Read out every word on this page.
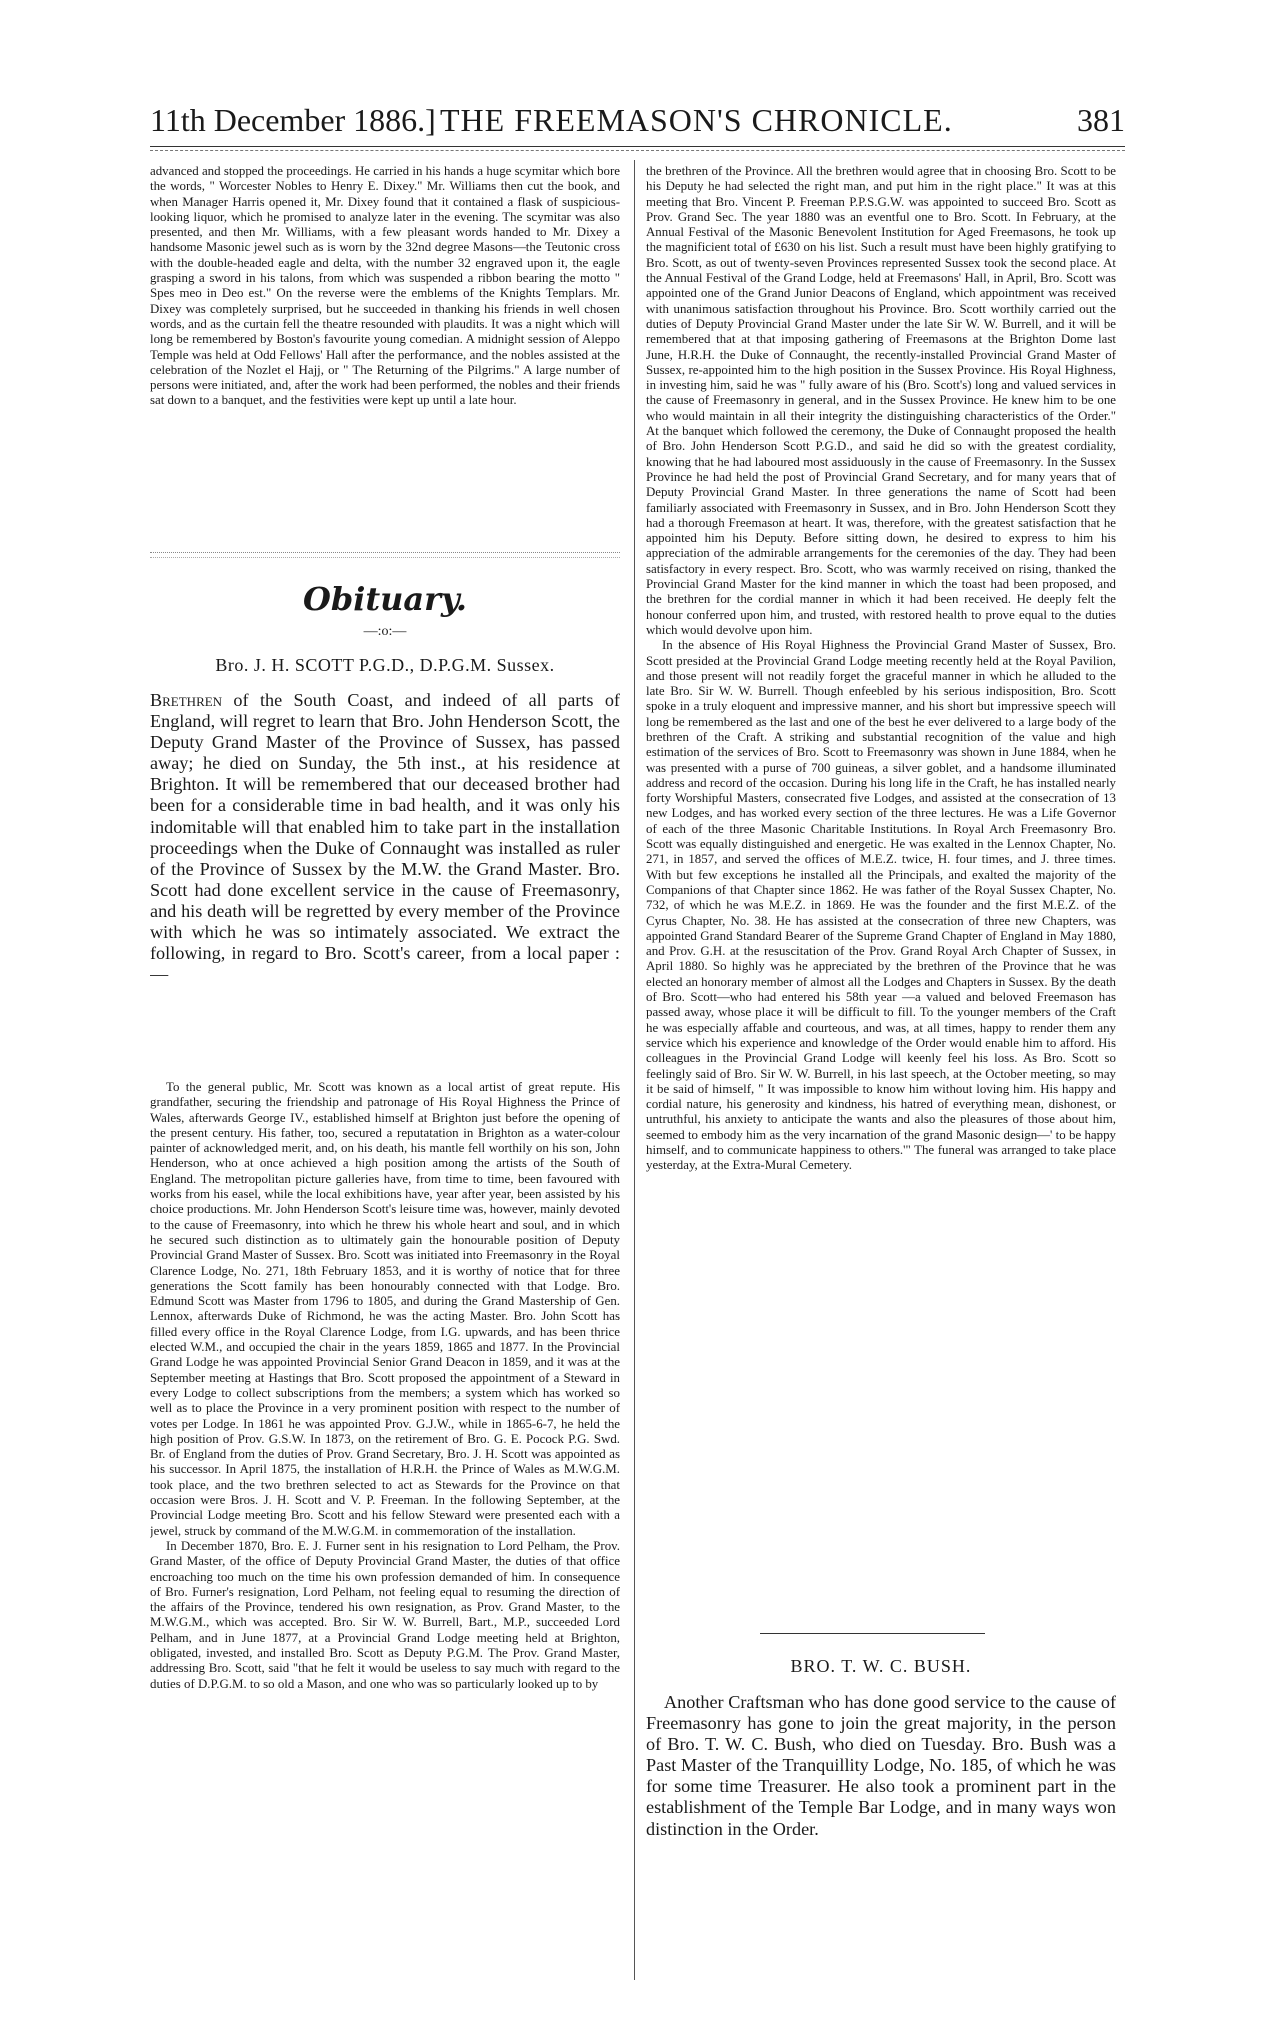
11th December 1886.] THE FREEMASON'S CHRONICLE.	381

advanced and stopped the proceedings. He carried in his hands a huge scymitar which bore the words, " Worcester Nobles to Henry E. Dixey." Mr. Williams then cut the book, and when Manager Harris opened it, Mr. Dixey found that it contained a flask of suspicious-looking liquor, which he promised to analyze later in the evening. The scymitar was also presented, and then Mr. Williams, with a few pleasant words handed to Mr. Dixey a handsome Masonic jewel such as is worn by the 32nd degree Masons—the Teutonic cross with the double-headed eagle and delta, with the number 32 engraved upon it, the eagle grasping a sword in his talons, from which was suspended a ribbon bearing the motto " Spes meo in Deo est." On the reverse were the emblems of the Knights Templars. Mr. Dixey was completely surprised, but he succeeded in thanking his friends in well chosen words, and as the curtain fell the theatre resounded with plaudits. It was a night which will long be remembered by Boston's favourite young comedian. A midnight session of Aleppo Temple was held at Odd Fellows' Hall after the performance, and the nobles assisted at the celebration of the Nozlet el Hajj, or " The Returning of the Pilgrims." A large number of persons were initiated, and, after the work had been performed, the nobles and their friends sat down to a banquet, and the festivities were kept up until a late hour.

Obituary.
—:o:—
Bro. J. H. SCOTT P.G.D., D.P.G.M. Sussex.

Brethren of the South Coast, and indeed of all parts of England, will regret to learn that Bro. John Henderson Scott, the Deputy Grand Master of the Province of Sussex, has passed away; he died on Sunday, the 5th inst., at his residence at Brighton. It will be remembered that our deceased brother had been for a considerable time in bad health, and it was only his indomitable will that enabled him to take part in the installation proceedings when the Duke of Connaught was installed as ruler of the Province of Sussex by the M.W. the Grand Master. Bro. Scott had done excellent service in the cause of Freemasonry, and his death will be regretted by every member of the Province with which he was so intimately associated. We extract the following, in regard to Bro. Scott's career, from a local paper :—

To the general public, Mr. Scott was known as a local artist of great repute. His grandfather, securing the friendship and patronage of His Royal Highness the Prince of Wales, afterwards George IV., established himself at Brighton just before the opening of the present century. His father, too, secured a reputatation in Brighton as a water-colour painter of acknowledged merit, and, on his death, his mantle fell worthily on his son, John Henderson, who at once achieved a high position among the artists of the South of England. The metropolitan picture galleries have, from time to time, been favoured with works from his easel, while the local exhibitions have, year after year, been assisted by his choice productions. Mr. John Henderson Scott's leisure time was, however, mainly devoted to the cause of Freemasonry, into which he threw his whole heart and soul, and in which he secured such distinction as to ultimately gain the honourable position of Deputy Provincial Grand Master of Sussex. Bro. Scott was initiated into Freemasonry in the Royal Clarence Lodge, No. 271, 18th February 1853, and it is worthy of notice that for three generations the Scott family has been honourably connected with that Lodge. Bro. Edmund Scott was Master from 1796 to 1805, and during the Grand Mastership of Gen. Lennox, afterwards Duke of Richmond, he was the acting Master. Bro. John Scott has filled every office in the Royal Clarence Lodge, from I.G. upwards, and has been thrice elected W.M., and occupied the chair in the years 1859, 1865 and 1877. In the Provincial Grand Lodge he was appointed Provincial Senior Grand Deacon in 1859, and it was at the September meeting at Hastings that Bro. Scott proposed the appointment of a Steward in every Lodge to collect subscriptions from the members; a system which has worked so well as to place the Province in a very prominent position with respect to the number of votes per Lodge. In 1861 he was appointed Prov. G.J.W., while in 1865-6-7, he held the high position of Prov. G.S.W. In 1873, on the retirement of Bro. G. E. Pocock P.G. Swd. Br. of England from the duties of Prov. Grand Secretary, Bro. J. H. Scott was appointed as his successor. In April 1875, the installation of H.R.H. the Prince of Wales as M.W.G.M. took place, and the two brethren selected to act as Stewards for the Province on that occasion were Bros. J. H. Scott and V. P. Freeman. In the following September, at the Provincial Lodge meeting Bro. Scott and his fellow Steward were presented each with a jewel, struck by command of the M.W.G.M. in commemoration of the installation.

In December 1870, Bro. E. J. Furner sent in his resignation to Lord Pelham, the Prov. Grand Master, of the office of Deputy Provincial Grand Master, the duties of that office encroaching too much on the time his own profession demanded of him. In consequence of Bro. Furner's resignation, Lord Pelham, not feeling equal to resuming the direction of the affairs of the Province, tendered his own resignation, as Prov. Grand Master, to the M.W.G.M., which was accepted. Bro. Sir W. W. Burrell, Bart., M.P., succeeded Lord Pelham, and in June 1877, at a Provincial Grand Lodge meeting held at Brighton, obligated, invested, and installed Bro. Scott as Deputy P.G.M. The Prov. Grand Master, addressing Bro. Scott, said "that he felt it would be useless to say much with regard to the duties of D.P.G.M. to so old a Mason, and one who was so particularly looked up to by

the brethren of the Province. All the brethren would agree that in choosing Bro. Scott to be his Deputy he had selected the right man, and put him in the right place." It was at this meeting that Bro. Vincent P. Freeman P.P.S.G.W. was appointed to succeed Bro. Scott as Prov. Grand Sec. The year 1880 was an eventful one to Bro. Scott. In February, at the Annual Festival of the Masonic Benevolent Institution for Aged Freemasons, he took up the magnificient total of £630 on his list. Such a result must have been highly gratifying to Bro. Scott, as out of twenty-seven Provinces represented Sussex took the second place. At the Annual Festival of the Grand Lodge, held at Freemasons' Hall, in April, Bro. Scott was appointed one of the Grand Junior Deacons of England, which appointment was received with unanimous satisfaction throughout his Province. Bro. Scott worthily carried out the duties of Deputy Provincial Grand Master under the late Sir W. W. Burrell, and it will be remembered that at that imposing gathering of Freemasons at the Brighton Dome last June, H.R.H. the Duke of Connaught, the recently-installed Provincial Grand Master of Sussex, re-appointed him to the high position in the Sussex Province. His Royal Highness, in investing him, said he was " fully aware of his (Bro. Scott's) long and valued services in the cause of Freemasonry in general, and in the Sussex Province. He knew him to be one who would maintain in all their integrity the distinguishing characteristics of the Order." At the banquet which followed the ceremony, the Duke of Connaught proposed the health of Bro. John Henderson Scott P.G.D., and said he did so with the greatest cordiality, knowing that he had laboured most assiduously in the cause of Freemasonry. In the Sussex Province he had held the post of Provincial Grand Secretary, and for many years that of Deputy Provincial Grand Master. In three generations the name of Scott had been familiarly associated with Freemasonry in Sussex, and in Bro. John Henderson Scott they had a thorough Freemason at heart. It was, therefore, with the greatest satisfaction that he appointed him his Deputy. Before sitting down, he desired to express to him his appreciation of the admirable arrangements for the ceremonies of the day. They had been satisfactory in every respect. Bro. Scott, who was warmly received on rising, thanked the Provincial Grand Master for the kind manner in which the toast had been proposed, and the brethren for the cordial manner in which it had been received. He deeply felt the honour conferred upon him, and trusted, with restored health to prove equal to the duties which would devolve upon him.

In the absence of His Royal Highness the Provincial Grand Master of Sussex, Bro. Scott presided at the Provincial Grand Lodge meeting recently held at the Royal Pavilion, and those present will not readily forget the graceful manner in which he alluded to the late Bro. Sir W. W. Burrell. Though enfeebled by his serious indisposition, Bro. Scott spoke in a truly eloquent and impressive manner, and his short but impressive speech will long be remembered as the last and one of the best he ever delivered to a large body of the brethren of the Craft. A striking and substantial recognition of the value and high estimation of the services of Bro. Scott to Freemasonry was shown in June 1884, when he was presented with a purse of 700 guineas, a silver goblet, and a handsome illuminated address and record of the occasion. During his long life in the Craft, he has installed nearly forty Worshipful Masters, consecrated five Lodges, and assisted at the consecration of 13 new Lodges, and has worked every section of the three lectures. He was a Life Governor of each of the three Masonic Charitable Institutions. In Royal Arch Freemasonry Bro. Scott was equally distinguished and energetic. He was exalted in the Lennox Chapter, No. 271, in 1857, and served the offices of M.E.Z. twice, H. four times, and J. three times. With but few exceptions he installed all the Principals, and exalted the majority of the Companions of that Chapter since 1862. He was father of the Royal Sussex Chapter, No. 732, of which he was M.E.Z. in 1869. He was the founder and the first M.E.Z. of the Cyrus Chapter, No. 38. He has assisted at the consecration of three new Chapters, was appointed Grand Standard Bearer of the Supreme Grand Chapter of England in May 1880, and Prov. G.H. at the resuscitation of the Prov. Grand Royal Arch Chapter of Sussex, in April 1880. So highly was he appreciated by the brethren of the Province that he was elected an honorary member of almost all the Lodges and Chapters in Sussex. By the death of Bro. Scott—who had entered his 58th year —a valued and beloved Freemason has passed away, whose place it will be difficult to fill. To the younger members of the Craft he was especially affable and courteous, and was, at all times, happy to render them any service which his experience and knowledge of the Order would enable him to afford. His colleagues in the Provincial Grand Lodge will keenly feel his loss. As Bro. Scott so feelingly said of Bro. Sir W. W. Burrell, in his last speech, at the October meeting, so may it be said of himself, " It was impossible to know him without loving him. His happy and cordial nature, his generosity and kindness, his hatred of everything mean, dishonest, or untruthful, his anxiety to anticipate the wants and also the pleasures of those about him, seemed to embody him as the very incarnation of the grand Masonic design—' to be happy himself, and to communicate happiness to others.'" The funeral was arranged to take place yesterday, at the Extra-Mural Cemetery.

BRO. T. W. C. BUSH.

Another Craftsman who has done good service to the cause of Freemasonry has gone to join the great majority, in the person of Bro. T. W. C. Bush, who died on Tuesday. Bro. Bush was a Past Master of the Tranquillity Lodge, No. 185, of which he was for some time Treasurer. He also took a prominent part in the establishment of the Temple Bar Lodge, and in many ways won distinction in the Order.
